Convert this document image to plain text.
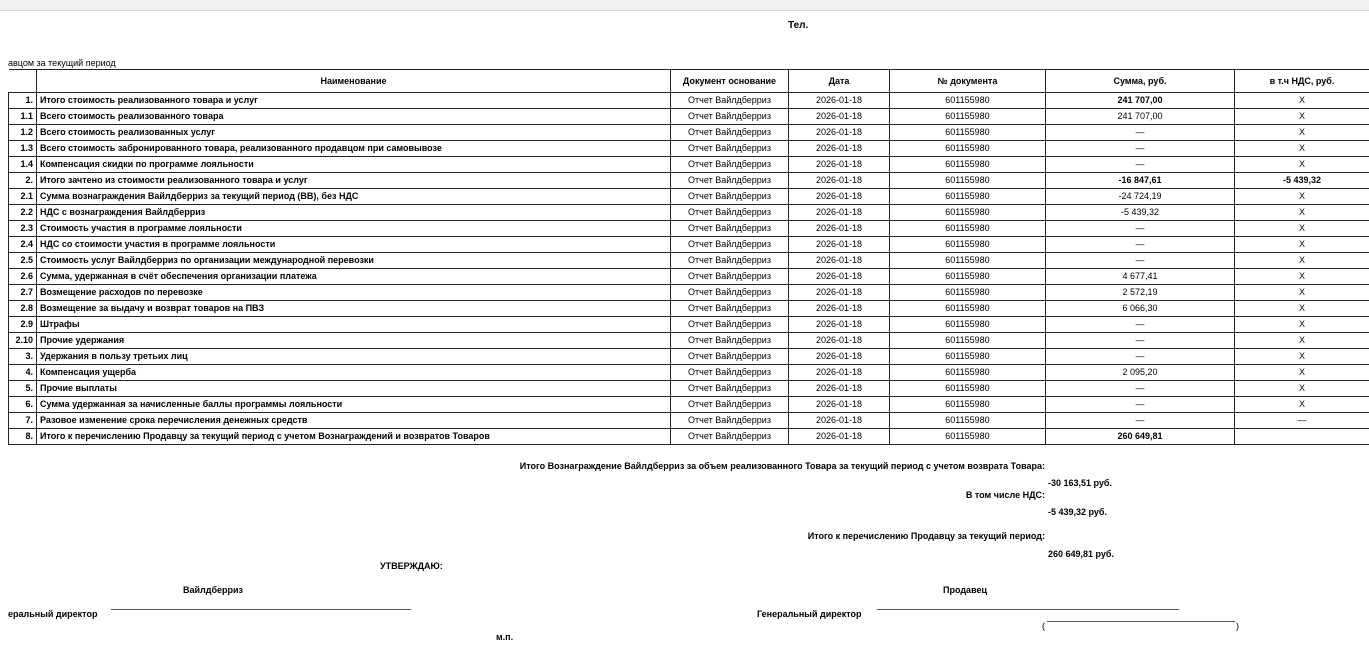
Тел.
авцом за текущий период
	Наименование	Документ основание	Дата	№ документа	Сумма, руб.	в т.ч НДС, руб.
1.	Итого стоимость реализованного товара и услуг	Отчет Вайлдберриз	2026-01-18	601155980	241 707,00	X
1.1	Всего стоимость реализованного товара	Отчет Вайлдберриз	2026-01-18	601155980	241 707,00	X
1.2	Всего стоимость реализованных услуг	Отчет Вайлдберриз	2026-01-18	601155980	—	X
1.3	Всего стоимость забронированного товара, реализованного продавцом при самовывозе	Отчет Вайлдберриз	2026-01-18	601155980	—	X
1.4	Компенсация скидки по программе лояльности	Отчет Вайлдберриз	2026-01-18	601155980	—	X
2.	Итого зачтено из стоимости реализованного товара и услуг	Отчет Вайлдберриз	2026-01-18	601155980	-16 847,61	-5 439,32
2.1	Сумма вознаграждения Вайлдберриз за текущий период (ВВ), без НДС	Отчет Вайлдберриз	2026-01-18	601155980	-24 724,19	X
2.2	НДС с вознаграждения Вайлдберриз	Отчет Вайлдберриз	2026-01-18	601155980	-5 439,32	X
2.3	Стоимость участия в программе лояльности	Отчет Вайлдберриз	2026-01-18	601155980	—	X
2.4	НДС со стоимости участия в программе лояльности	Отчет Вайлдберриз	2026-01-18	601155980	—	X
2.5	Стоимость услуг Вайлдберриз по организации международной перевозки	Отчет Вайлдберриз	2026-01-18	601155980	—	X
2.6	Сумма, удержанная в счёт обеспечения организации платежа	Отчет Вайлдберриз	2026-01-18	601155980	4 677,41	X
2.7	Возмещение расходов по перевозке	Отчет Вайлдберриз	2026-01-18	601155980	2 572,19	X
2.8	Возмещение за выдачу и возврат товаров на ПВЗ	Отчет Вайлдберриз	2026-01-18	601155980	6 066,30	X
2.9	Штрафы	Отчет Вайлдберриз	2026-01-18	601155980	—	X
2.10	Прочие удержания	Отчет Вайлдберриз	2026-01-18	601155980	—	X
3.	Удержания в пользу третьих лиц	Отчет Вайлдберриз	2026-01-18	601155980	—	X
4.	Компенсация ущерба	Отчет Вайлдберриз	2026-01-18	601155980	2 095,20	X
5.	Прочие выплаты	Отчет Вайлдберриз	2026-01-18	601155980	—	X
6.	Сумма удержанная за начисленные баллы программы лояльности	Отчет Вайлдберриз	2026-01-18	601155980	—	X
7.	Разовое изменение срока перечисления денежных средств	Отчет Вайлдберриз	2026-01-18	601155980	—	—
8.	Итого к перечислению Продавцу за текущий период с учетом Вознаграждений и возвратов Товаров	Отчет Вайлдберриз	2026-01-18	601155980	260 649,81	
Итого Вознаграждение Вайлдберриз за объем реализованного Товара за текущий период с учетом возврата Товара:
-30 163,51 руб.
В том числе НДС:
-5 439,32 руб.
Итого к перечислению Продавцу за текущий период:
260 649,81 руб.
УТВЕРЖДАЮ:
Вайлдберриз	Продавец
еральный директор	Генеральный директор
(	)
м.п.
